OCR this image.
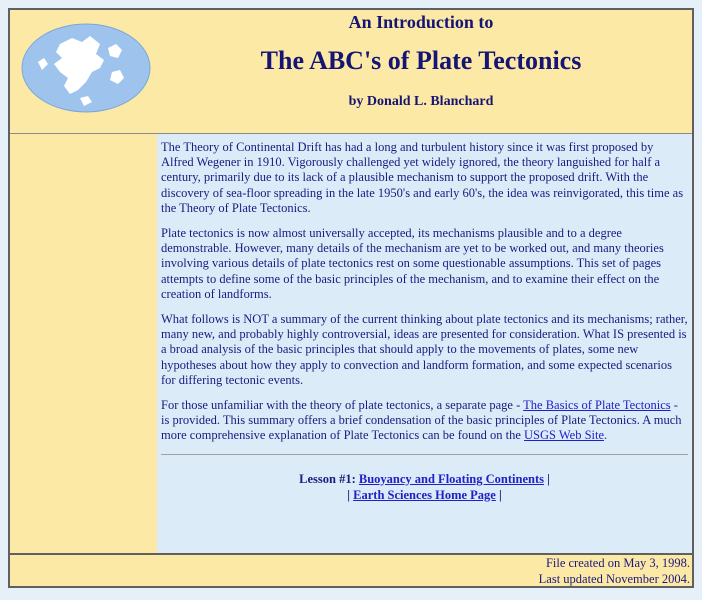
An Introduction to
The ABC's of Plate Tectonics
by Donald L. Blanchard

The Theory of Continental Drift has had a long and turbulent history since it was first proposed by Alfred Wegener in 1910. Vigorously challenged yet widely ignored, the theory languished for half a century, primarily due to its lack of a plausible mechanism to support the proposed drift. With the discovery of sea-floor spreading in the late 1950's and early 60's, the idea was reinvigorated, this time as the Theory of Plate Tectonics.

Plate tectonics is now almost universally accepted, its mechanisms plausible and to a degree demonstrable. However, many details of the mechanism are yet to be worked out, and many theories involving various details of plate tectonics rest on some questionable assumptions. This set of pages attempts to define some of the basic principles of the mechanism, and to examine their effect on the creation of landforms.

What follows is NOT a summary of the current thinking about plate tectonics and its mechanisms; rather, many new, and probably highly controversial, ideas are presented for consideration. What IS presented is a broad analysis of the basic principles that should apply to the movements of plates, some new hypotheses about how they apply to convection and landform formation, and some expected scenarios for differing tectonic events.

For those unfamiliar with the theory of plate tectonics, a separate page - The Basics of Plate Tectonics - is provided. This summary offers a brief condensation of the basic principles of Plate Tectonics. A much more comprehensive explanation of Plate Tectonics can be found on the USGS Web Site.

Lesson #1: Buoyancy and Floating Continents |
| Earth Sciences Home Page |
File created on May 3, 1998.
Last updated November 2004.
